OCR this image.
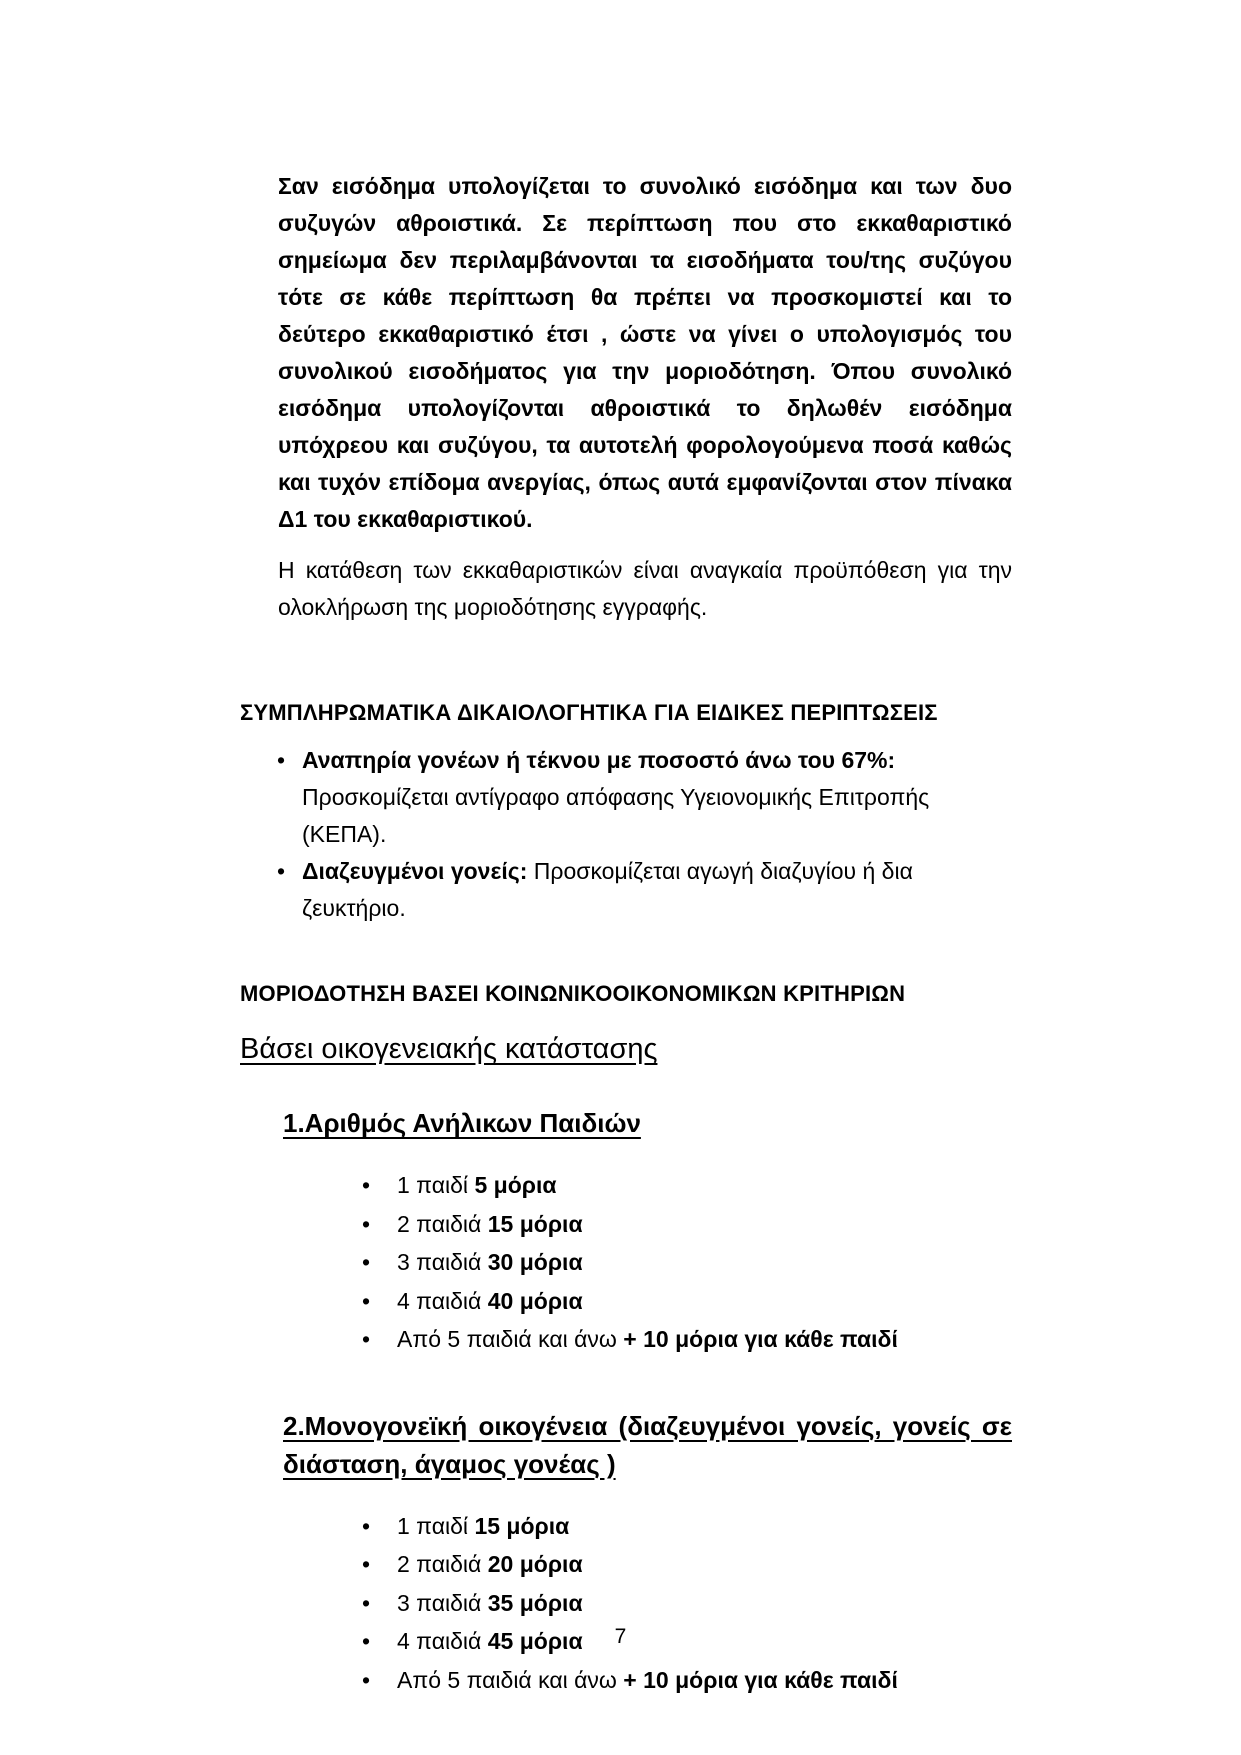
Σαν εισόδημα υπολογίζεται το συνολικό εισόδημα και των δυο συζυγών αθροιστικά. Σε περίπτωση που στο εκκαθαριστικό σημείωμα δεν περιλαμβάνονται τα εισοδήματα του/της συζύγου τότε σε κάθε περίπτωση θα πρέπει να προσκομιστεί και το δεύτερο εκκαθαριστικό έτσι , ώστε να γίνει ο υπολογισμός του συνολικού εισοδήματος για την μοριοδότηση. Όπου συνολικό εισόδημα υπολογίζονται αθροιστικά το δηλωθέν εισόδημα υπόχρεου και συζύγου, τα αυτοτελή φορολογούμενα ποσά καθώς και τυχόν επίδομα ανεργίας, όπως αυτά εμφανίζονται στον πίνακα Δ1 του εκκαθαριστικού.

Η κατάθεση των εκκαθαριστικών είναι αναγκαία προϋπόθεση για την ολοκλήρωση της μοριοδότησης εγγραφής.

ΣΥΜΠΛΗΡΩΜΑΤΙΚΑ ΔΙΚΑΙΟΛΟΓΗΤΙΚΑ ΓΙΑ ΕΙΔΙΚΕΣ ΠΕΡΙΠΤΩΣΕΙΣ
• Αναπηρία γονέων ή τέκνου με ποσοστό άνω του 67%: Προσκομίζεται αντίγραφο απόφασης Υγειονομικής Επιτροπής (ΚΕΠΑ).
• Διαζευγμένοι γονείς: Προσκομίζεται αγωγή διαζυγίου ή δια ζευκτήριο.
ΜΟΡΙΟΔΟΤΗΣΗ ΒΑΣΕΙ ΚΟΙΝΩΝΙΚΟΟΙΚΟΝΟΜΙΚΩΝ ΚΡΙΤΗΡΙΩΝ
Βάσει οικογενειακής κατάστασης
1.Αριθμός Ανήλικων Παιδιών
• 1 παιδί 5 μόρια
• 2 παιδιά 15 μόρια
• 3 παιδιά 30 μόρια
• 4 παιδιά 40 μόρια
• Από 5 παιδιά και άνω + 10 μόρια για κάθε παιδί
2.Μονογονεϊκή οικογένεια (διαζευγμένοι γονείς, γονείς σε διάσταση, άγαμος γονέας )
• 1 παιδί 15 μόρια
• 2 παιδιά 20 μόρια
• 3 παιδιά 35 μόρια
• 4 παιδιά 45 μόρια
• Από 5 παιδιά και άνω + 10 μόρια για κάθε παιδί
7
